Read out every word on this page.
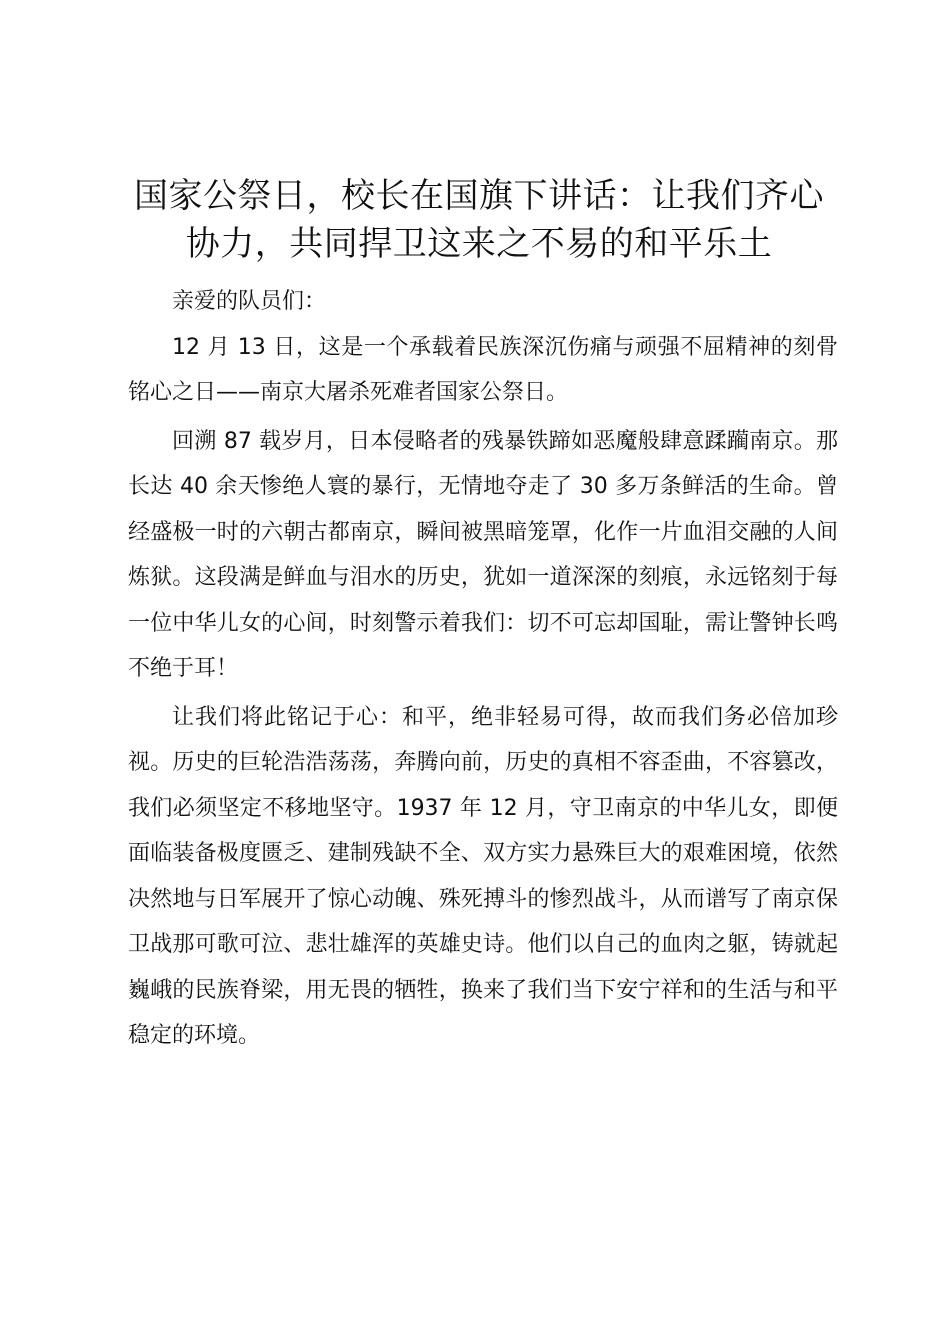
国家公祭日，校长在国旗下讲话：让我们齐心协力，共同捍卫这来之不易的和平乐土

亲爱的队员们：

12 月 13 日，这是一个承载着民族深沉伤痛与顽强不屈精神的刻骨铭心之日——南京大屠杀死难者国家公祭日。

回溯 87 载岁月，日本侵略者的残暴铁蹄如恶魔般肆意蹂躏南京。那长达 40 余天惨绝人寰的暴行，无情地夺走了 30 多万条鲜活的生命。曾经盛极一时的六朝古都南京，瞬间被黑暗笼罩，化作一片血泪交融的人间炼狱。这段满是鲜血与泪水的历史，犹如一道深深的刻痕，永远铭刻于每一位中华儿女的心间，时刻警示着我们：切不可忘却国耻，需让警钟长鸣不绝于耳！

让我们将此铭记于心：和平，绝非轻易可得，故而我们务必倍加珍视。历史的巨轮浩浩荡荡，奔腾向前，历史的真相不容歪曲，不容篡改，我们必须坚定不移地坚守。1937 年 12 月，守卫南京的中华儿女，即便面临装备极度匮乏、建制残缺不全、双方实力悬殊巨大的艰难困境，依然决然地与日军展开了惊心动魄、殊死搏斗的惨烈战斗，从而谱写了南京保卫战那可歌可泣、悲壮雄浑的英雄史诗。他们以自己的血肉之躯，铸就起巍峨的民族脊梁，用无畏的牺牲，换来了我们当下安宁祥和的生活与和平稳定的环境。
